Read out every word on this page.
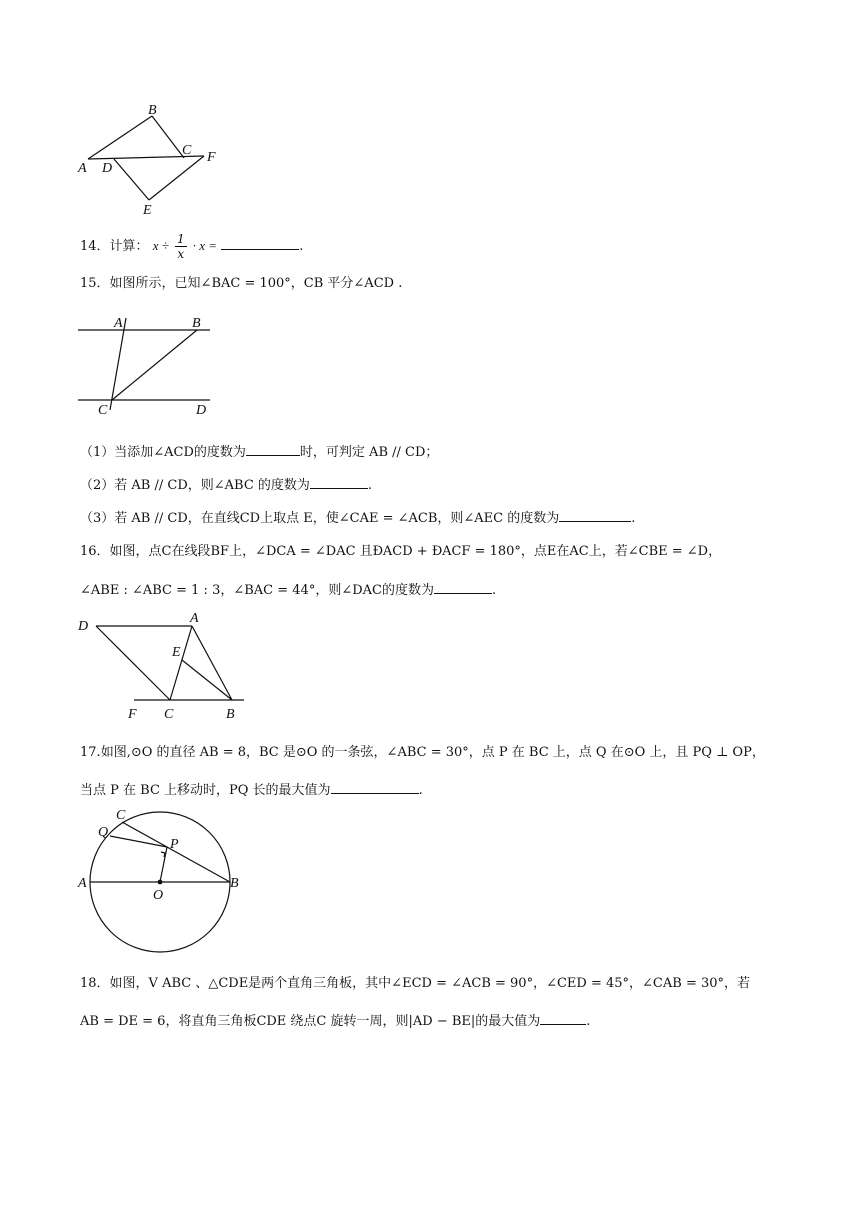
B
A D
C F
E
14．计算： $x \div \frac{1}{x} \cdot x$ =	.
15．如图所示，已知∠BAC = 100°，CB 平分∠ACD .
A	B
C	D
（1）当添加∠ACD的度数为	时，可判定 AB // CD；
（2）若 AB // CD，则∠ABC 的度数为	.
（3）若 AB // CD，在直线CD上取点 E，使∠CAE = ∠ACB，则∠AEC 的度数为	.
16．如图，点C在线段BF上，∠DCA = ∠DAC 且ÐACD + ÐACF = 180°，点E在AC上，若∠CBE = ∠D，
∠ABE : ∠ABC = 1 : 3，∠BAC = 44°，则∠DAC的度数为	.
D
A
E
F C	B
17.如图,⊙O 的直径 AB = 8，BC 是⊙O 的一条弦，∠ABC = 30°，点 P 在 BC 上，点 Q 在⊙O 上，且 PQ ⊥ OP，
当点 P 在 BC 上移动时，PQ 长的最大值为	.
C
Q
P
A
O
B
18．如图，V ABC 、△CDE是两个直角三角板，其中∠ECD = ∠ACB = 90°，∠CED = 45°，∠CAB = 30°，若
AB = DE = 6，将直角三角板CDE 绕点C 旋转一周，则|AD − BE|的最大值为	.
